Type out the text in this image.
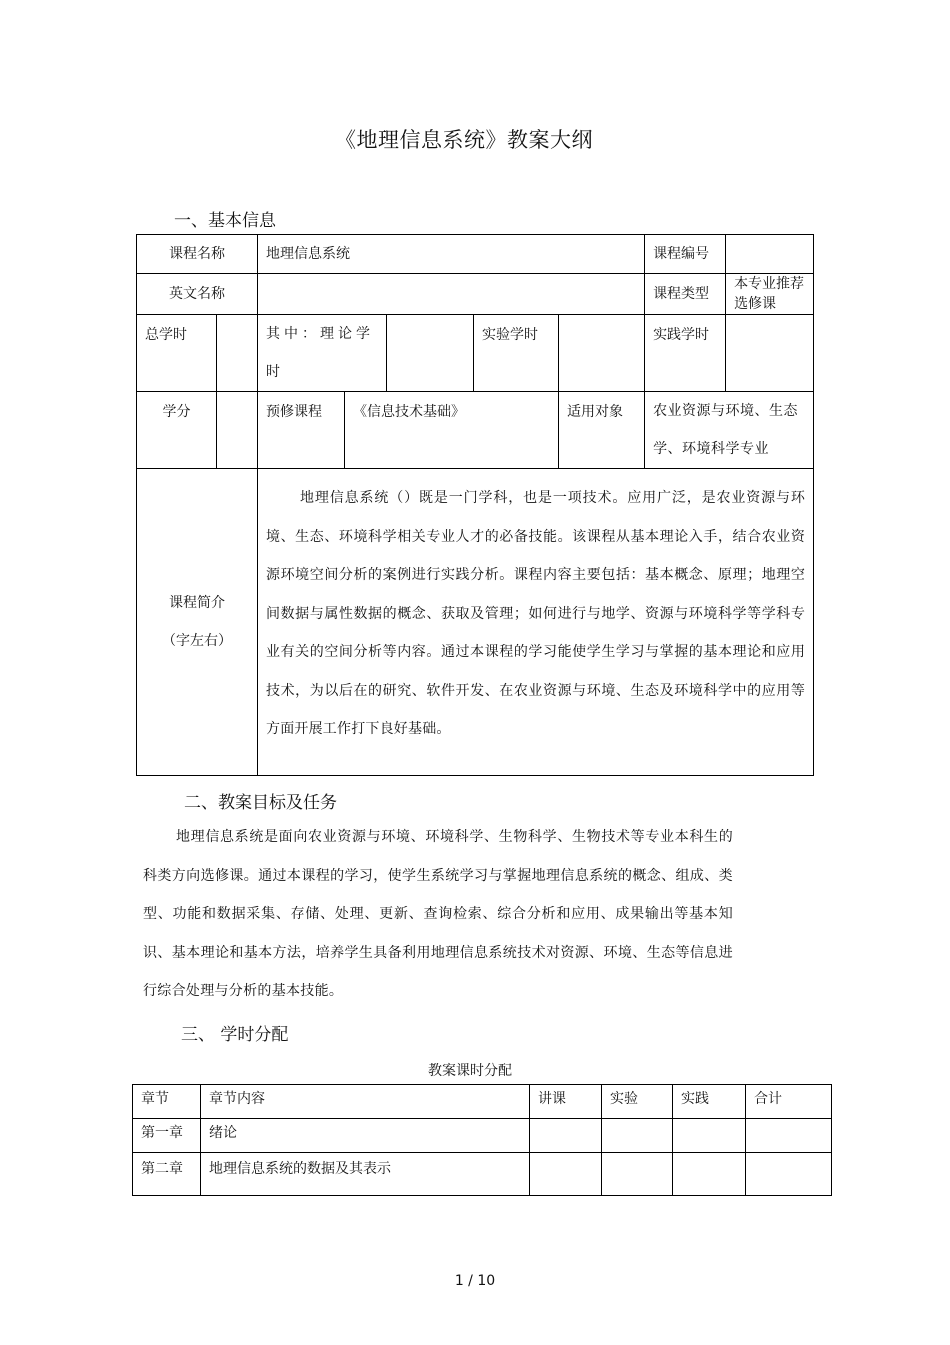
《地理信息系统》教案大纲
一、基本信息
课程名称		地理信息系统					课程编号	
英文名称							课程类型	本专业推荐选修课
总学时		其中：理论学时			实验学时		实践学时	
学分		预修课程	《信息技术基础》			适用对象	农业资源与环境、生态学、环境科学专业	

课程简介
（字左右）		地理信息系统（）既是一门学科，也是一项技术。应用广泛，是农业资源与环境、生态、环境科学相关专业人才的必备技能。该课程从基本理论入手，结合农业资源环境空间分析的案例进行实践分析。课程内容主要包括：基本概念、原理；地理空间数据与属性数据的概念、获取及管理；如何进行与地学、资源与环境科学等学科专业有关的空间分析等内容。通过本课程的学习能使学生学习与掌握的基本理论和应用技术，为以后在的研究、软件开发、在农业资源与环境、生态及环境科学中的应用等方面开展工作打下良好基础。						
二、教案目标及任务
地理信息系统是面向农业资源与环境、环境科学、生物科学、生物技术等专业本科生的科类方向选修课。通过本课程的学习，使学生系统学习与掌握地理信息系统的概念、组成、类型、功能和数据采集、存储、处理、更新、查询检索、综合分析和应用、成果输出等基本知识、基本理论和基本方法，培养学生具备利用地理信息系统技术对资源、环境、生态等信息进行综合处理与分析的基本技能。
三、 学时分配
教案课时分配
章节	章节内容	讲课	实验	实践	合计
第一章	绪论				
第二章	地理信息系统的数据及其表示				
1 / 10
